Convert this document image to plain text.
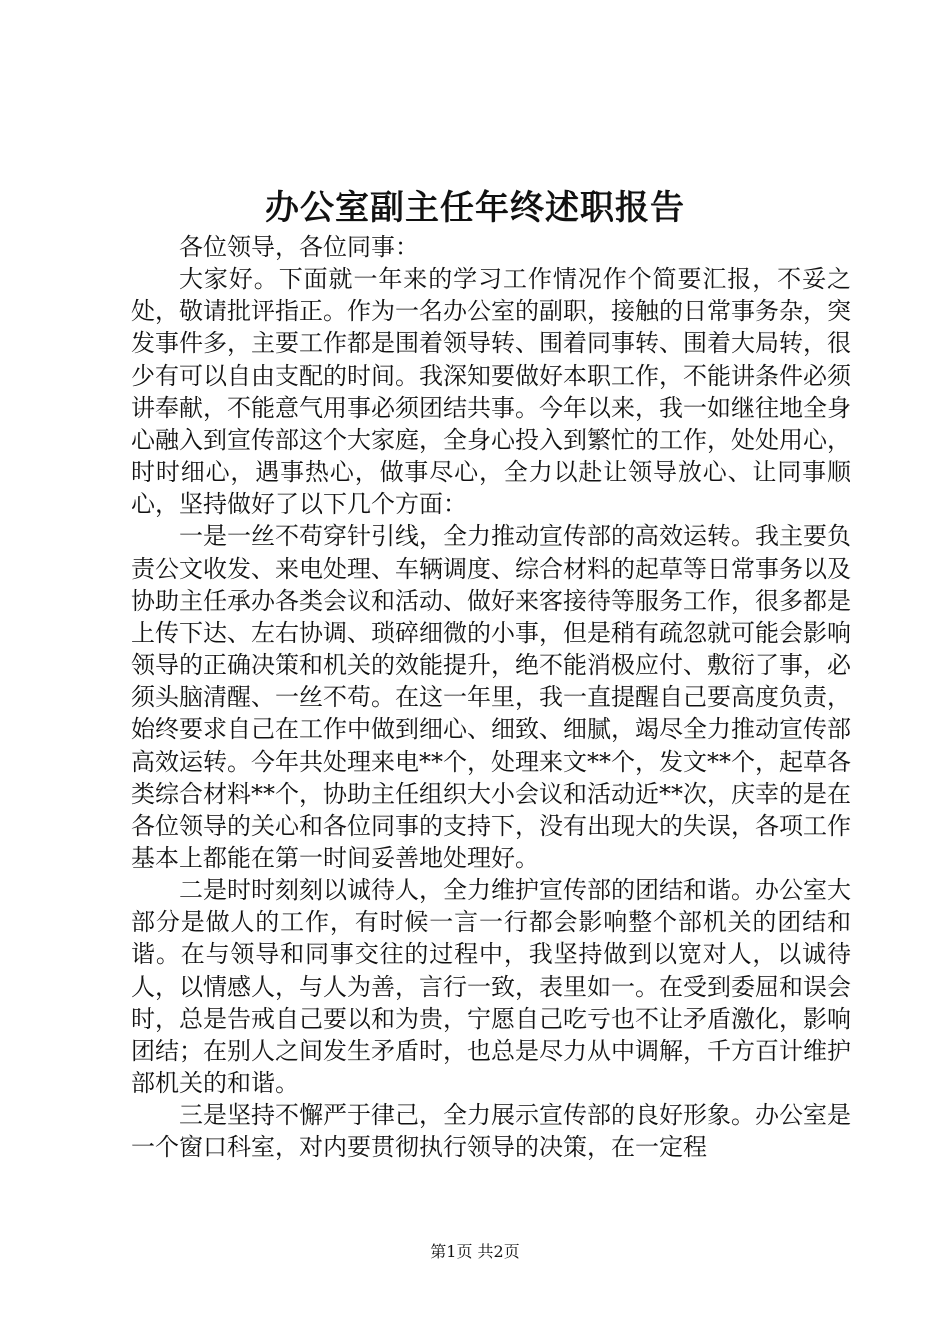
办公室副主任年终述职报告

各位领导，各位同事：

大家好。下面就一年来的学习工作情况作个简要汇报，不妥之处，敬请批评指正。作为一名办公室的副职，接触的日常事务杂，突发事件多，主要工作都是围着领导转、围着同事转、围着大局转，很少有可以自由支配的时间。我深知要做好本职工作，不能讲条件必须讲奉献，不能意气用事必须团结共事。今年以来，我一如继往地全身心融入到宣传部这个大家庭，全身心投入到繁忙的工作，处处用心，时时细心，遇事热心，做事尽心，全力以赴让领导放心、让同事顺心，坚持做好了以下几个方面：

一是一丝不苟穿针引线，全力推动宣传部的高效运转。我主要负责公文收发、来电处理、车辆调度、综合材料的起草等日常事务以及协助主任承办各类会议和活动、做好来客接待等服务工作，很多都是上传下达、左右协调、琐碎细微的小事，但是稍有疏忽就可能会影响领导的正确决策和机关的效能提升，绝不能消极应付、敷衍了事，必须头脑清醒、一丝不苟。在这一年里，我一直提醒自己要高度负责，始终要求自己在工作中做到细心、细致、细腻，竭尽全力推动宣传部高效运转。今年共处理来电**个，处理来文**个，发文**个，起草各类综合材料**个，协助主任组织大小会议和活动近**次，庆幸的是在各位领导的关心和各位同事的支持下，没有出现大的失误，各项工作基本上都能在第一时间妥善地处理好。

二是时时刻刻以诚待人，全力维护宣传部的团结和谐。办公室大部分是做人的工作，有时候一言一行都会影响整个部机关的团结和谐。在与领导和同事交往的过程中，我坚持做到以宽对人，以诚待人，以情感人，与人为善，言行一致，表里如一。在受到委屈和误会时，总是告戒自己要以和为贵，宁愿自己吃亏也不让矛盾激化，影响团结；在别人之间发生矛盾时，也总是尽力从中调解，千方百计维护部机关的和谐。

三是坚持不懈严于律己，全力展示宣传部的良好形象。办公室是一个窗口科室，对内要贯彻执行领导的决策，在一定程

第1页 共2页
